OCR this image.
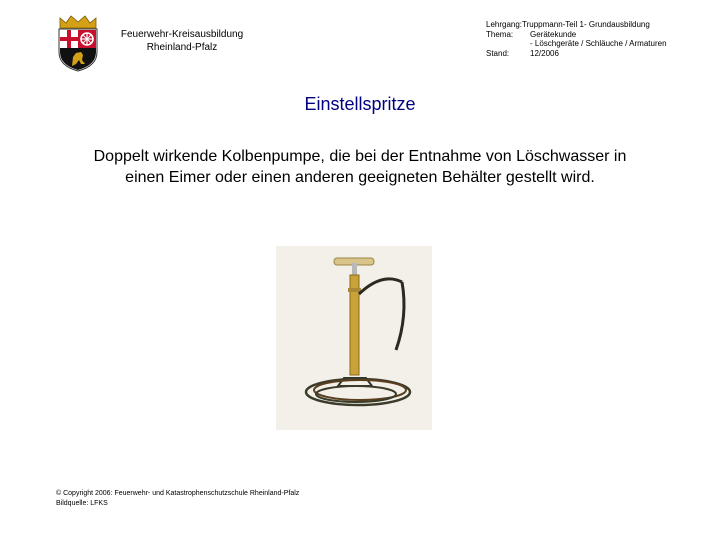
Feuerwehr-Kreisausbildung
Rheinland-Pfalz
Lehrgang: Truppmann-Teil 1- Grundausbildung
Thema:	Gerätekunde
- Löschgeräte / Schläuche / Armaturen
Stand:	12/2006
Einstellspritze
Doppelt wirkende Kolbenpumpe, die bei der Entnahme von Löschwasser in
einen Eimer oder einen anderen geeigneten Behälter gestellt wird.
© Copyright 2006: Feuerwehr- und Katastrophenschutzschule Rheinland-Pfalz
Bildquelle: LFKS
